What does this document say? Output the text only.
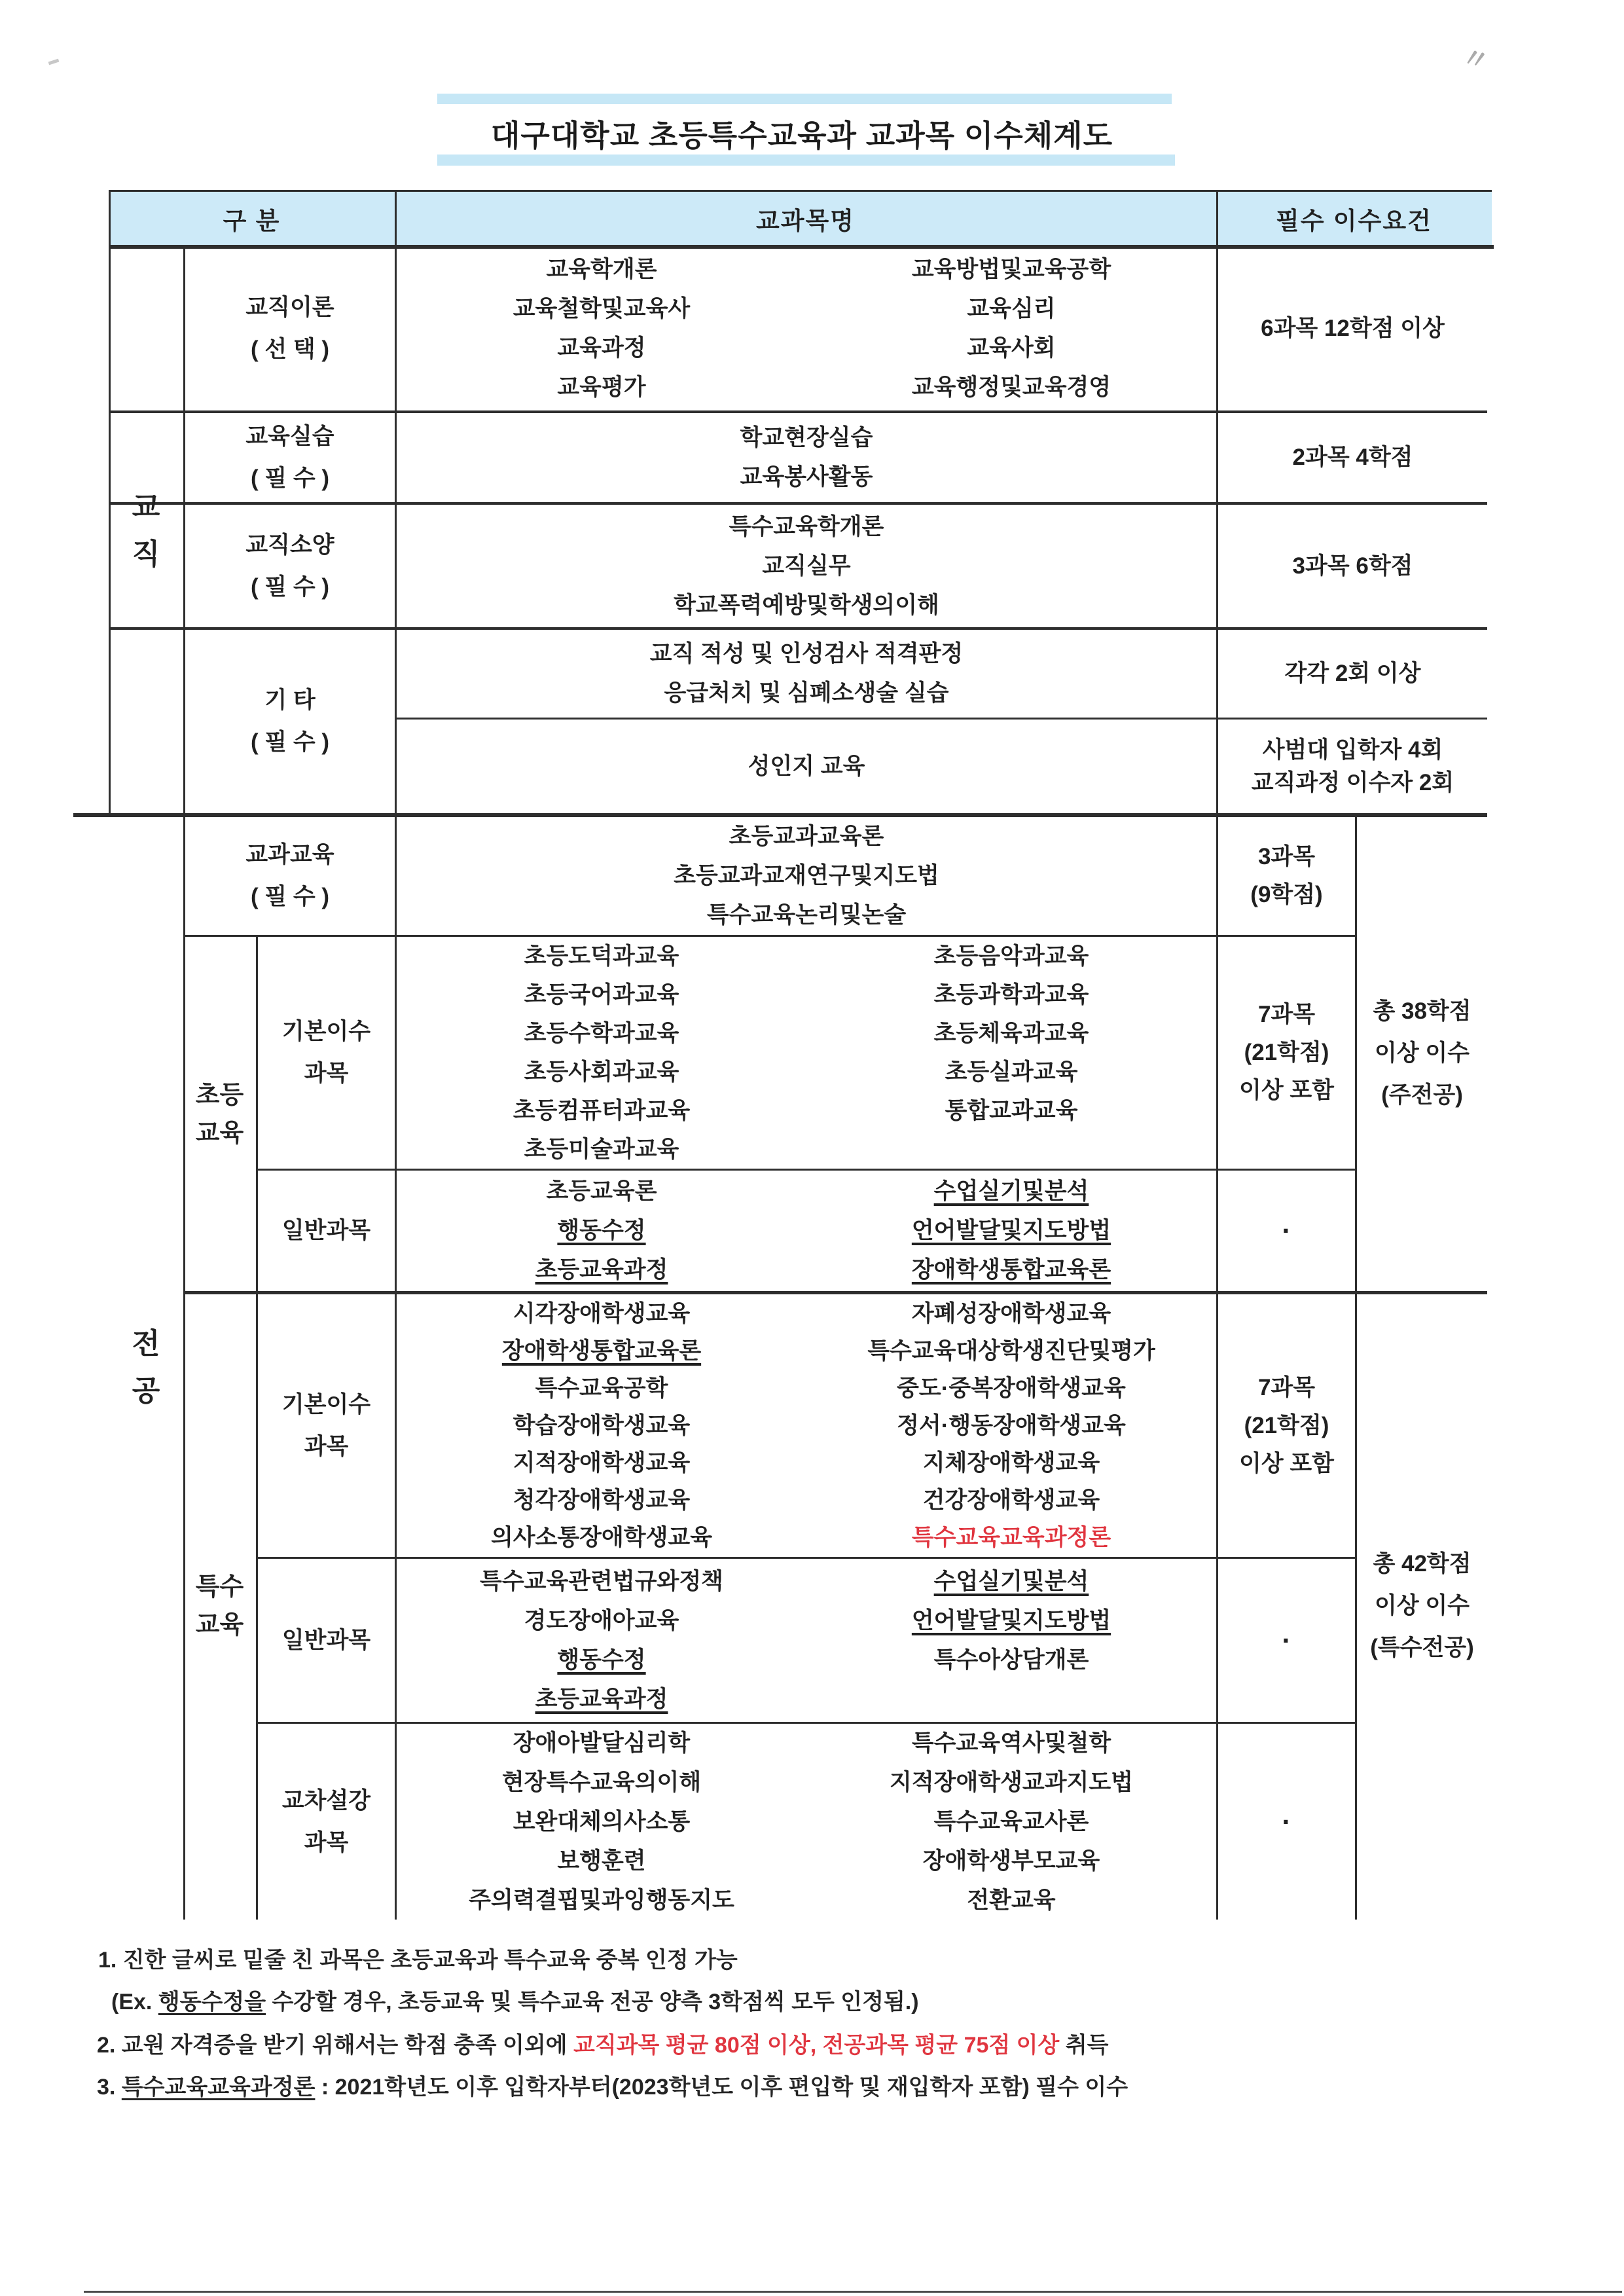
〃
대구대학교 초등특수교육과 교과목 이수체계도
구 분	교과목명	필수 이수요건
교직
전공
초등
교육
특수
교육
교직이론
( 선 택 )
교육학개론
교육철학및교육사
교육과정
교육평가
교육방법및교육공학
교육심리
교육사회
교육행정및교육경영
6과목 12학점 이상
교육실습
( 필 수 )
학교현장실습
교육봉사활동
2과목 4학점
교직소양
( 필 수 )
특수교육학개론
교직실무
학교폭력예방및학생의이해
3과목 6학점
기 타
( 필 수 )
교직 적성 및 인성검사 적격판정
응급처치 및 심폐소생술 실습
각각 2회 이상
성인지 교육
사범대 입학자 4회
교직과정 이수자 2회
교과교육
( 필 수 )
초등교과교육론
초등교과교재연구및지도법
특수교육논리및논술
3과목
(9학점)
기본이수
과목
초등도덕과교육
초등국어과교육
초등수학과교육
초등사회과교육
초등컴퓨터과교육
초등미술과교육
초등음악과교육
초등과학과교육
초등체육과교육
초등실과교육
통합교과교육
7과목
(21학점)
이상 포함
일반과목
초등교육론
행동수정
초등교육과정
수업실기및분석
언어발달및지도방법
장애학생통합교육론
·
총 38학점
이상 이수
(주전공)
기본이수
과목
시각장애학생교육
장애학생통합교육론
특수교육공학
학습장애학생교육
지적장애학생교육
청각장애학생교육
의사소통장애학생교육
자폐성장애학생교육
특수교육대상학생진단및평가
중도·중복장애학생교육
정서·행동장애학생교육
지체장애학생교육
건강장애학생교육
특수교육교육과정론
7과목
(21학점)
이상 포함
일반과목
특수교육관련법규와정책
경도장애아교육
행동수정
초등교육과정
수업실기및분석
언어발달및지도방법
특수아상담개론
·
교차설강
과목
장애아발달심리학
현장특수교육의이해
보완대체의사소통
보행훈련
주의력결핍및과잉행동지도
특수교육역사및철학
지적장애학생교과지도법
특수교육교사론
장애학생부모교육
전환교육
·
총 42학점
이상 이수
(특수전공)
1. 진한 글씨로 밑줄 친 과목은 초등교육과 특수교육 중복 인정 가능
(Ex. 행동수정을 수강할 경우, 초등교육 및 특수교육 전공 양측 3학점씩 모두 인정됨.)
2. 교원 자격증을 받기 위해서는 학점 충족 이외에 교직과목 평균 80점 이상, 전공과목 평균 75점 이상 취득
3. 특수교육교육과정론 : 2021학년도 이후 입학자부터(2023학년도 이후 편입학 및 재입학자 포함) 필수 이수
